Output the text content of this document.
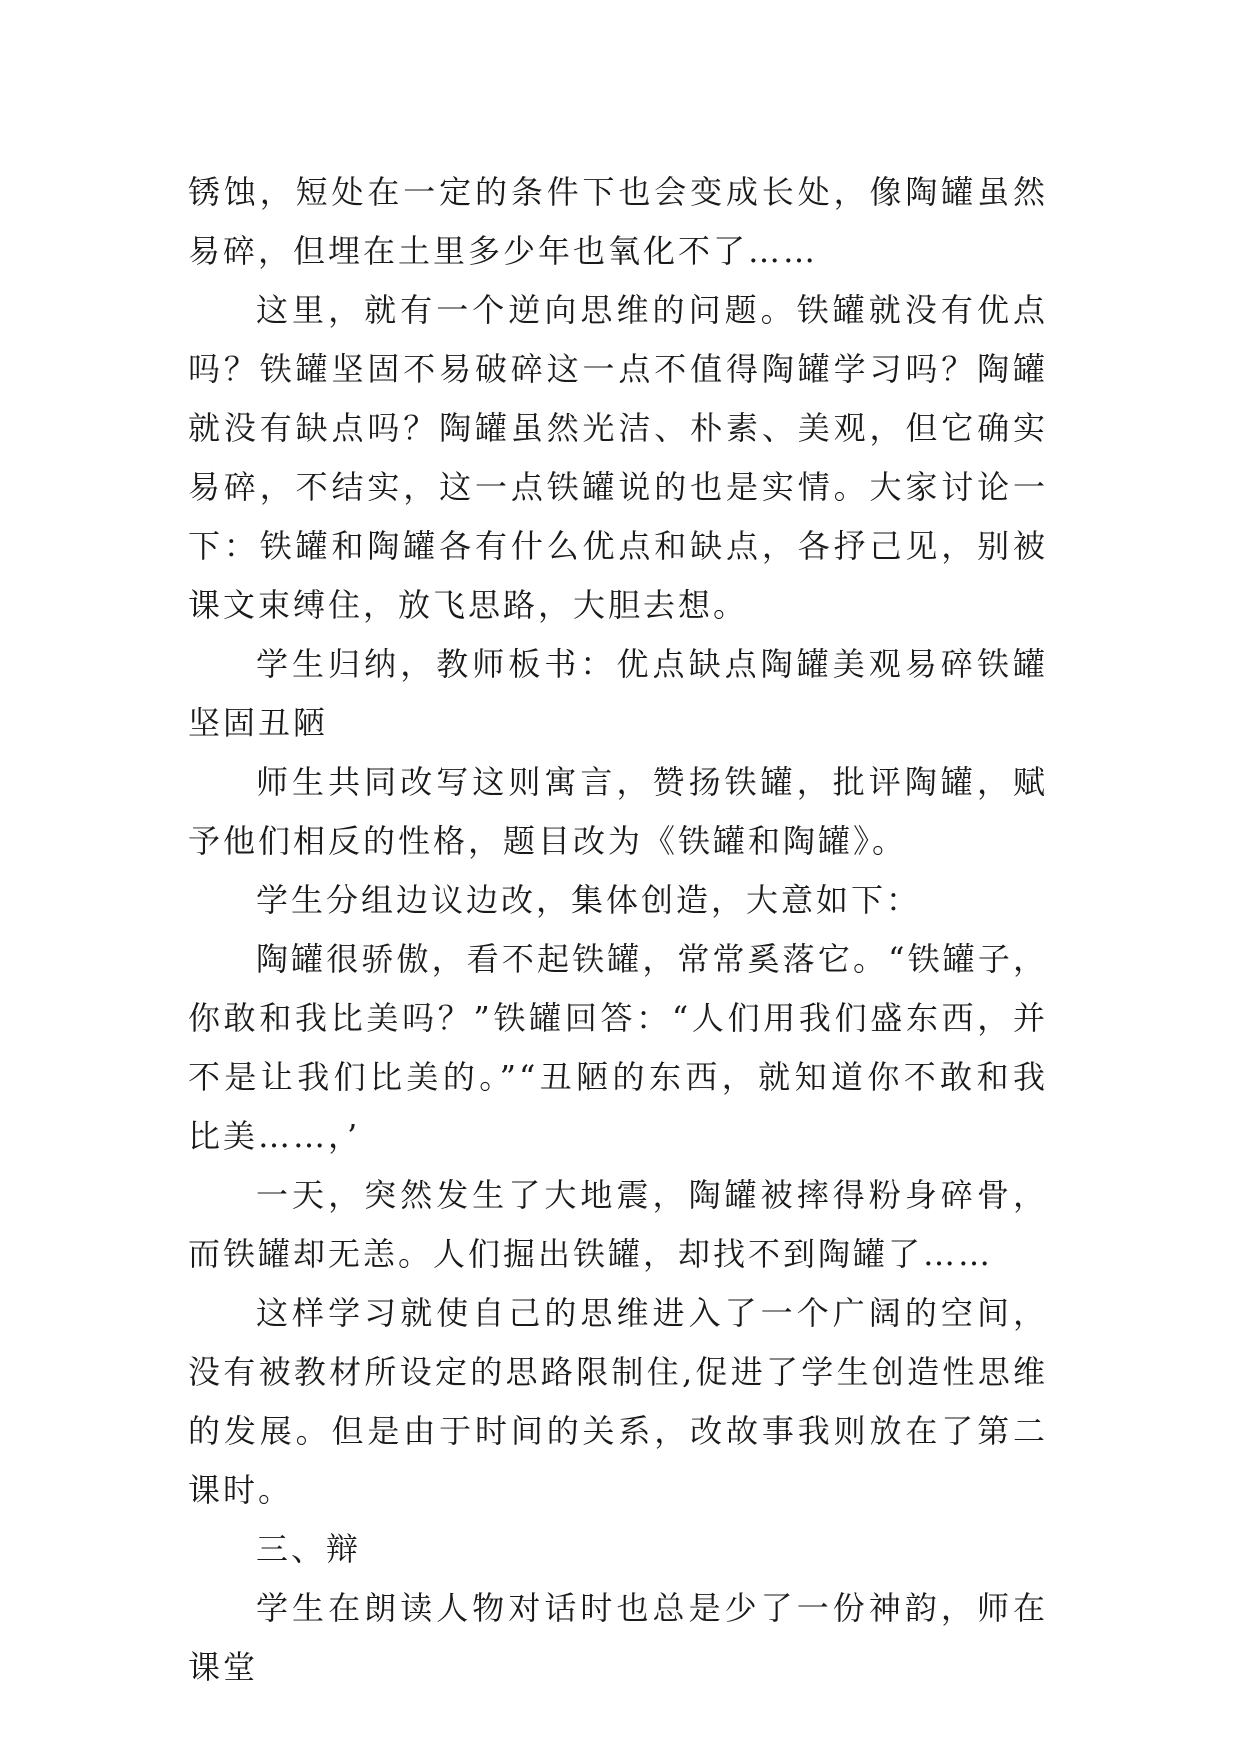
锈蚀，短处在一定的条件下也会变成长处，像陶罐虽然易碎，但埋在土里多少年也氧化不了……

这里，就有一个逆向思维的问题。铁罐就没有优点吗？铁罐坚固不易破碎这一点不值得陶罐学习吗？陶罐就没有缺点吗？陶罐虽然光洁、朴素、美观，但它确实易碎，不结实，这一点铁罐说的也是实情。大家讨论一下：铁罐和陶罐各有什么优点和缺点，各抒己见，别被课文束缚住，放飞思路，大胆去想。

学生归纳，教师板书：优点缺点陶罐美观易碎铁罐坚固丑陋

师生共同改写这则寓言，赞扬铁罐，批评陶罐，赋予他们相反的性格，题目改为《铁罐和陶罐》。

学生分组边议边改，集体创造，大意如下：

陶罐很骄傲，看不起铁罐，常常奚落它。“铁罐子，你敢和我比美吗？”铁罐回答：“人们用我们盛东西，并不是让我们比美的。”“丑陋的东西，就知道你不敢和我比美……，’

一天，突然发生了大地震，陶罐被摔得粉身碎骨，而铁罐却无恙。人们掘出铁罐，却找不到陶罐了……

这样学习就使自己的思维进入了一个广阔的空间，没有被教材所设定的思路限制住,促进了学生创造性思维的发展。但是由于时间的关系，改故事我则放在了第二课时。

三、辩

学生在朗读人物对话时也总是少了一份神韵，师在课堂
